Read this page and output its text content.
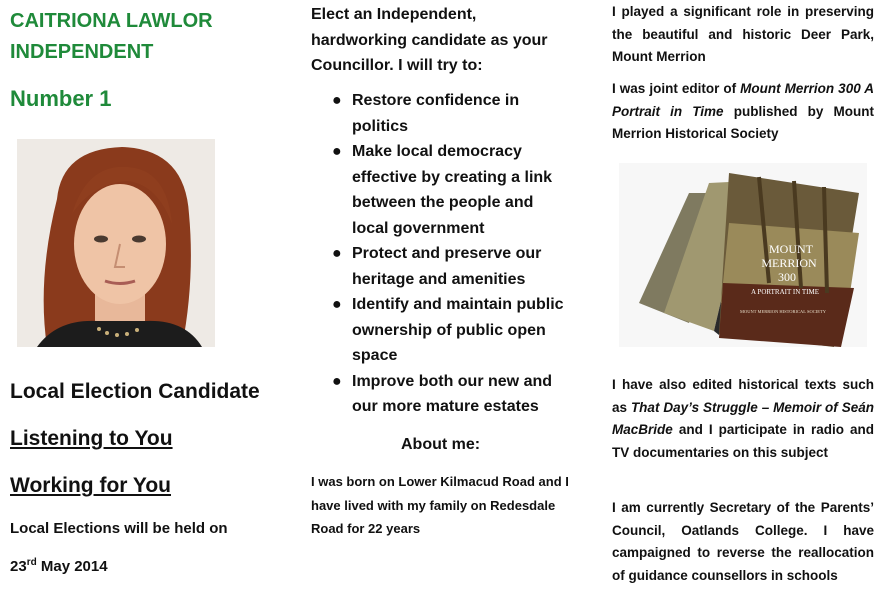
CAITRIONA LAWLOR
INDEPENDENT
Number 1
Local Election Candidate
Listening to You
Working for You
Local Elections will be held on
23rd May 2014
Elect an Independent,
hardworking candidate as your
Councillor. I will try to:
● Restore confidence in
politics
● Make local democracy
effective by creating a link
between the people and
local government
● Protect and preserve our
heritage and amenities
● Identify and maintain public
ownership of public open
space
● Improve both our new and
our more mature estates
About me:
I was born on Lower Kilmacud Road and I have lived with my family on Redesdale Road for 22 years
I played a significant role in preserving the beautiful and historic Deer Park, Mount Merrion
I was joint editor of Mount Merrion 300 A Portrait in Time published by Mount Merrion Historical Society
MOUNT
MERRION
300
A PORTRAIT IN TIME
MOUNT MERRION HISTORICAL SOCIETY
I have also edited historical texts such as That Day’s Struggle – Memoir of Seán MacBride and I participate in radio and TV documentaries on this subject
I am currently Secretary of the Parents’ Council, Oatlands College. I have campaigned to reverse the reallocation of guidance counsellors in schools
